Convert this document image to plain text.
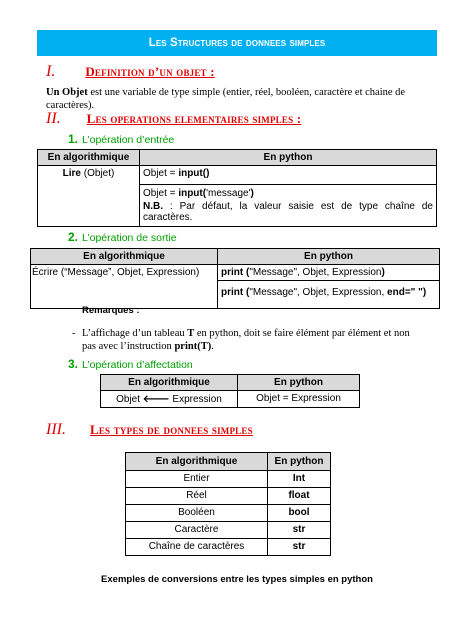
Les Structures de donnees simples
I. Definition d’un objet :
Un Objet est une variable de type simple (entier, réel, booléen, caractère et chaine de caractères).
II. Les operations elementaires simples :
1. L’opération d’entrée
En algorithmique	En python
Lire (Objet)	Objet = input()
Objet = input('message')
N.B. : Par défaut, la valeur saisie est de type chaîne de caractères.
2. L’opération de sortie
En algorithmique	En python
Écrire (“Message”, Objet, Expression)	print ("Message", Objet, Expression)
print ("Message", Objet, Expression, end=" ")
Remarques :
- L’affichage d’un tableau T en python, doit se faire élément par élément et non pas avec l’instruction print(T).
3. L’opération d’affectation
En algorithmique	En python
Objet 🡐 Expression	Objet = Expression
III. Les types de donnees simples
En algorithmique	En python
Entier	Int
Réel	float
Booléen	bool
Caractère	str
Chaîne de caractères	str
Exemples de conversions entre les types simples en python
